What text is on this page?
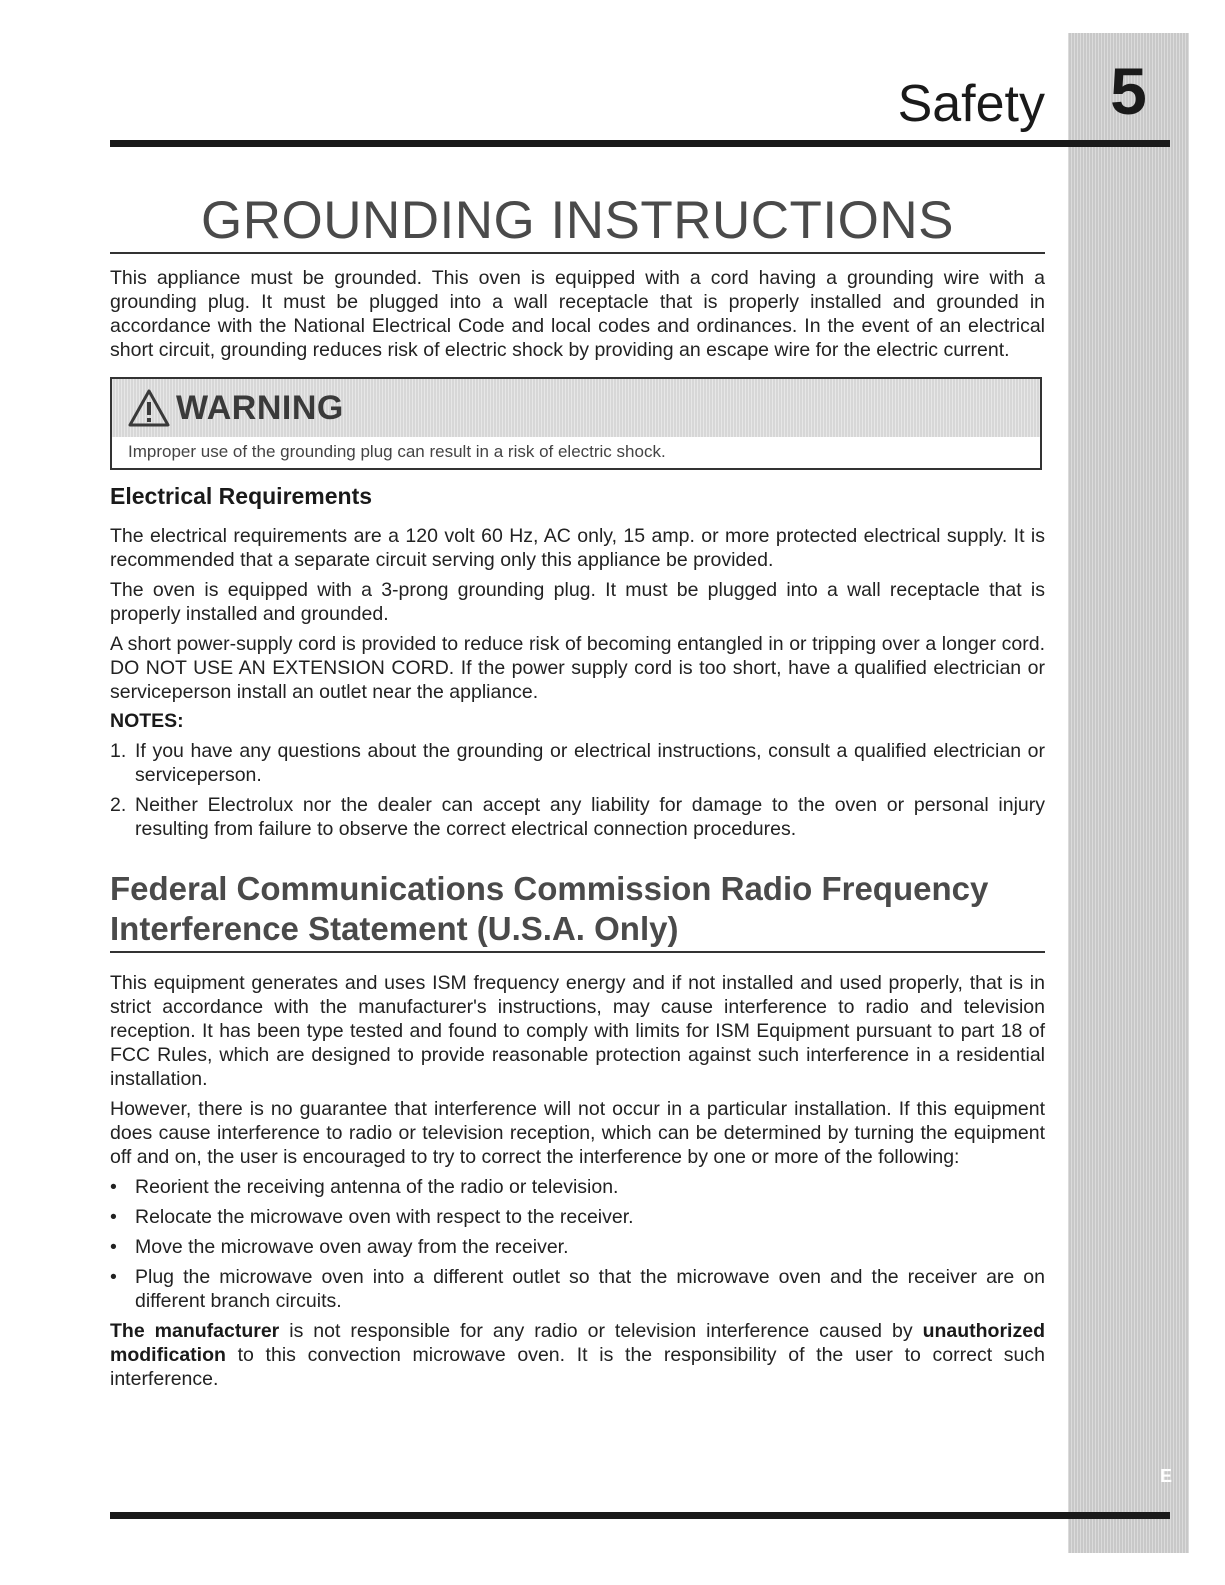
5
E
Safety
GROUNDING INSTRUCTIONS

This appliance must be grounded. This oven is equipped with a cord having a grounding wire with a grounding plug. It must be plugged into a wall receptacle that is properly installed and grounded in accordance with the National Electrical Code and local codes and ordinances. In the event of an electrical short circuit, grounding reduces risk of electric shock by providing an escape wire for the electric current.

WARNING
Improper use of the grounding plug can result in a risk of electric shock.
Electrical Requirements

The electrical requirements are a 120 volt 60 Hz, AC only, 15 amp. or more protected electrical supply. It is recommended that a separate circuit serving only this appliance be provided.

The oven is equipped with a 3-prong grounding plug. It must be plugged into a wall receptacle that is properly installed and grounded.

A short power-supply cord is provided to reduce risk of becoming entangled in or tripping over a longer cord. DO NOT USE AN EXTENSION CORD. If the power supply cord is too short, have a qualified electrician or serviceperson install an outlet near the appliance.

NOTES:
1. If you have any questions about the grounding or electrical instructions, consult a qualified electrician or serviceperson.
2. Neither Electrolux nor the dealer can accept any liability for damage to the oven or personal injury resulting from failure to observe the correct electrical connection procedures.
Federal Communications Commission Radio Frequency
Interference Statement (U.S.A. Only)

This equipment generates and uses ISM frequency energy and if not installed and used properly, that is in strict accordance with the manufacturer's instructions, may cause interference to radio and television reception. It has been type tested and found to comply with limits for ISM Equipment pursuant to part 18 of FCC Rules, which are designed to provide reasonable protection against such interference in a residential installation.

However, there is no guarantee that interference will not occur in a particular installation. If this equipment does cause interference to radio or television reception, which can be determined by turning the equipment off and on, the user is encouraged to try to correct the interference by one or more of the following:

• Reorient the receiving antenna of the radio or television.
• Relocate the microwave oven with respect to the receiver.
• Move the microwave oven away from the receiver.
• Plug the microwave oven into a different outlet so that the microwave oven and the receiver are on different branch circuits.

The manufacturer is not responsible for any radio or television interference caused by unauthorized modification to this convection microwave oven. It is the responsibility of the user to correct such interference.
